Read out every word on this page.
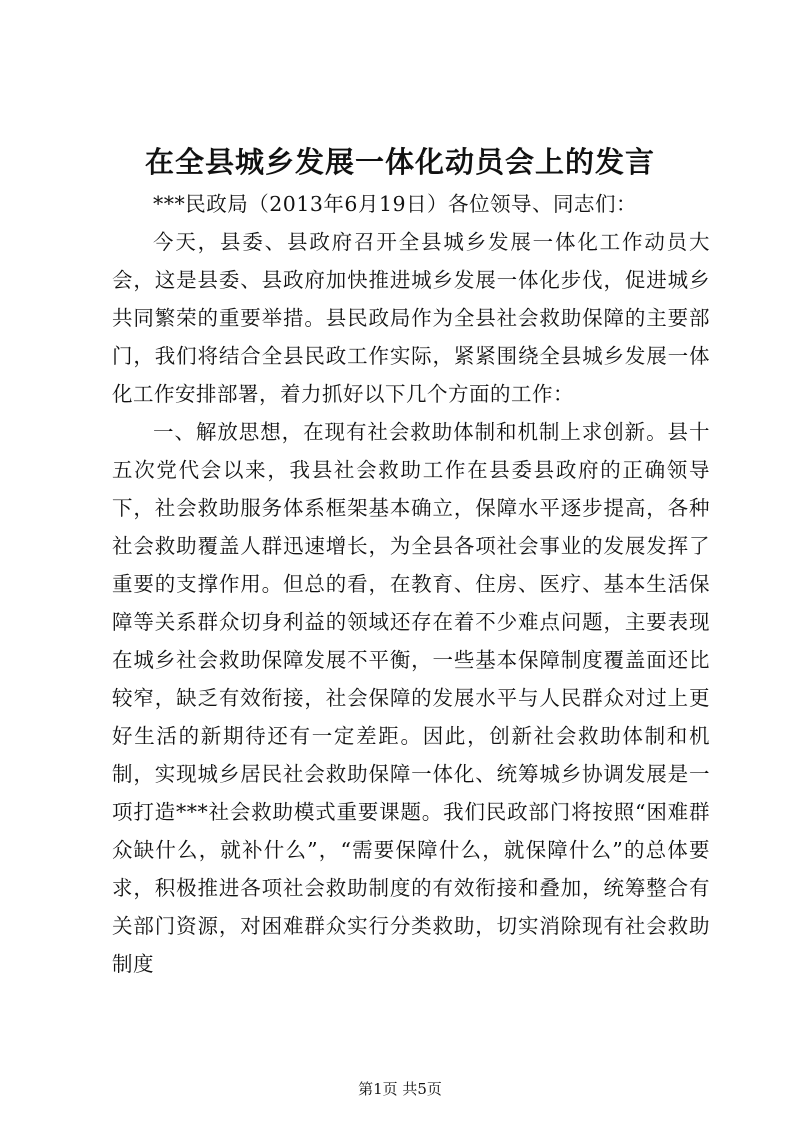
在全县城乡发展一体化动员会上的发言

***民政局（2013年6月19日）各位领导、同志们：

今天，县委、县政府召开全县城乡发展一体化工作动员大会，这是县委、县政府加快推进城乡发展一体化步伐，促进城乡共同繁荣的重要举措。县民政局作为全县社会救助保障的主要部门，我们将结合全县民政工作实际，紧紧围绕全县城乡发展一体化工作安排部署，着力抓好以下几个方面的工作：

一、解放思想，在现有社会救助体制和机制上求创新。县十五次党代会以来，我县社会救助工作在县委县政府的正确领导下，社会救助服务体系框架基本确立，保障水平逐步提高，各种社会救助覆盖人群迅速增长，为全县各项社会事业的发展发挥了重要的支撑作用。但总的看，在教育、住房、医疗、基本生活保障等关系群众切身利益的领域还存在着不少难点问题，主要表现在城乡社会救助保障发展不平衡，一些基本保障制度覆盖面还比较窄，缺乏有效衔接，社会保障的发展水平与人民群众对过上更好生活的新期待还有一定差距。因此，创新社会救助体制和机制，实现城乡居民社会救助保障一体化、统筹城乡协调发展是一项打造***社会救助模式重要课题。我们民政部门将按照“困难群众缺什么，就补什么”，“需要保障什么，就保障什么”的总体要求，积极推进各项社会救助制度的有效衔接和叠加，统筹整合有关部门资源，对困难群众实行分类救助，切实消除现有社会救助制度

第1页 共5页
